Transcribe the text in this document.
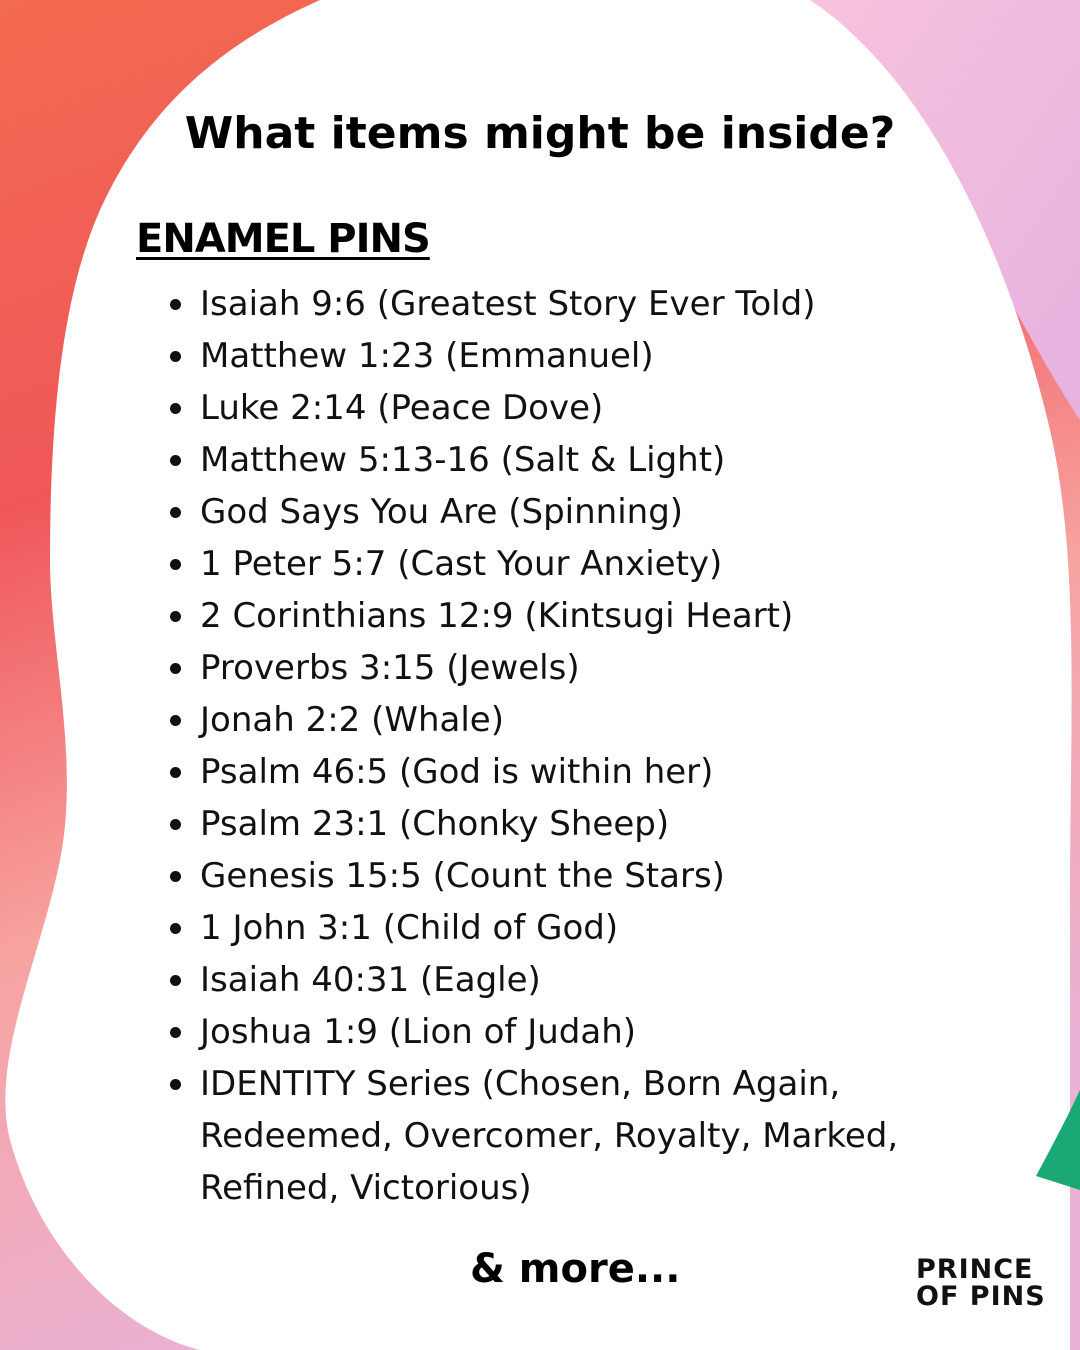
What items might be inside?
ENAMEL PINS
Isaiah 9:6 (Greatest Story Ever Told)
Matthew 1:23 (Emmanuel)
Luke 2:14 (Peace Dove)
Matthew 5:13-16 (Salt & Light)
God Says You Are (Spinning)
1 Peter 5:7 (Cast Your Anxiety)
2 Corinthians 12:9 (Kintsugi Heart)
Proverbs 3:15 (Jewels)
Jonah 2:2 (Whale)
Psalm 46:5 (God is within her)
Psalm 23:1 (Chonky Sheep)
Genesis 15:5 (Count the Stars)
1 John 3:1 (Child of God)
Isaiah 40:31 (Eagle)
Joshua 1:9 (Lion of Judah)
IDENTITY Series (Chosen, Born Again, Redeemed, Overcomer, Royalty, Marked, Refined, Victorious)
& more...	PRINCE
OF PINS
